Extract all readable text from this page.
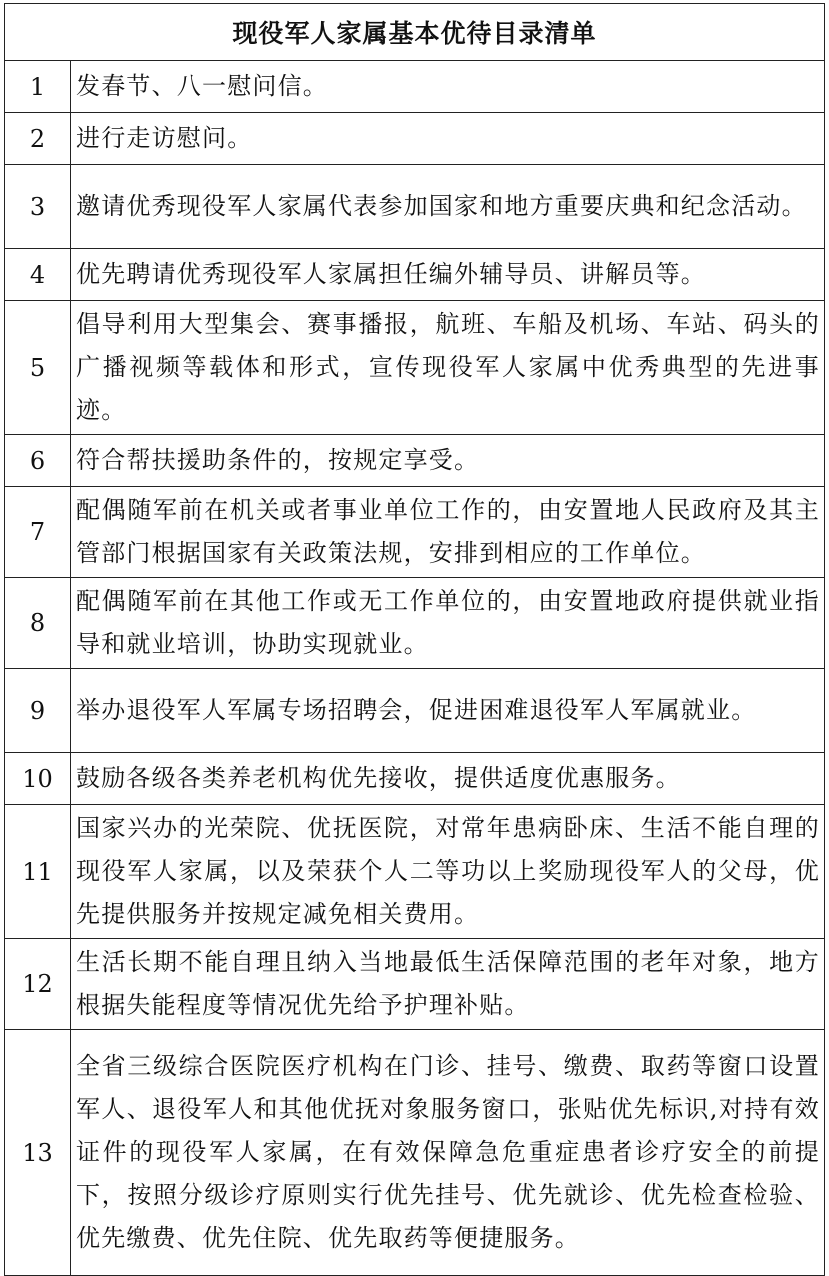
现役军人家属基本优待目录清单	
1	发春节、八一慰问信。
2	进行走访慰问。
3	邀请优秀现役军人家属代表参加国家和地方重要庆典和纪念活动。
4	优先聘请优秀现役军人家属担任编外辅导员、讲解员等。
5	倡导利用大型集会、赛事播报，航班、车船及机场、车站、码头的广播视频等载体和形式，宣传现役军人家属中优秀典型的先进事迹。
6	符合帮扶援助条件的，按规定享受。
7	配偶随军前在机关或者事业单位工作的，由安置地人民政府及其主管部门根据国家有关政策法规，安排到相应的工作单位。
8	配偶随军前在其他工作或无工作单位的，由安置地政府提供就业指导和就业培训，协助实现就业。
9	举办退役军人军属专场招聘会，促进困难退役军人军属就业。
10	鼓励各级各类养老机构优先接收，提供适度优惠服务。
11	国家兴办的光荣院、优抚医院，对常年患病卧床、生活不能自理的现役军人家属，以及荣获个人二等功以上奖励现役军人的父母，优先提供服务并按规定减免相关费用。
12	生活长期不能自理且纳入当地最低生活保障范围的老年对象，地方根据失能程度等情况优先给予护理补贴。
13	全省三级综合医院医疗机构在门诊、挂号、缴费、取药等窗口设置军人、退役军人和其他优抚对象服务窗口，张贴优先标识,对持有效证件的现役军人家属，在有效保障急危重症患者诊疗安全的前提下，按照分级诊疗原则实行优先挂号、优先就诊、优先检查检验、优先缴费、优先住院、优先取药等便捷服务。
